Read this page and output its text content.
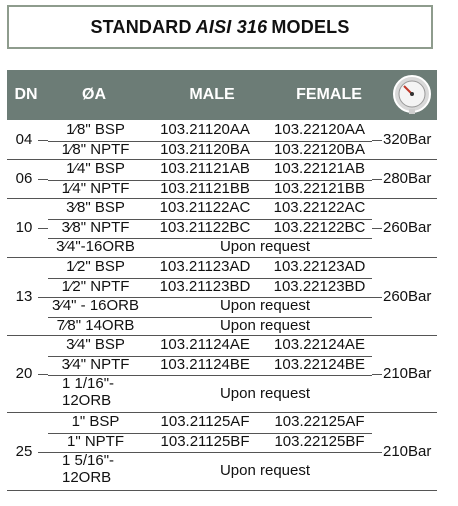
STANDARD AISI 316 MODELS
DN	ØA	MALE	FEMALE
04	320Bar
1⁄8" BSP	103.21120AA	103.22120AA
1⁄8" NPTF	103.21120BA	103.22120BA
06	280Bar
1⁄4" BSP	103.21121AB	103.22121AB
1⁄4" NPTF	103.21121BB	103.22121BB
10	260Bar
3⁄8" BSP	103.21122AC	103.22122AC
3⁄8" NPTF	103.21122BC	103.22122BC
3⁄4"-16ORB	Upon request
13	260Bar
1⁄2" BSP	103.21123AD	103.22123AD
1⁄2" NPTF	103.21123BD	103.22123BD
3⁄4" - 16ORB	Upon request
7⁄8" 14ORB	Upon request
20	210Bar
3⁄4" BSP	103.21124AE	103.22124AE
3⁄4" NPTF	103.21124BE	103.22124BE
1 1/16"-
12ORB	Upon request
25	210Bar
1" BSP	103.21125AF	103.22125AF
1" NPTF	103.21125BF	103.22125BF
1 5/16"-
12ORB	Upon request
